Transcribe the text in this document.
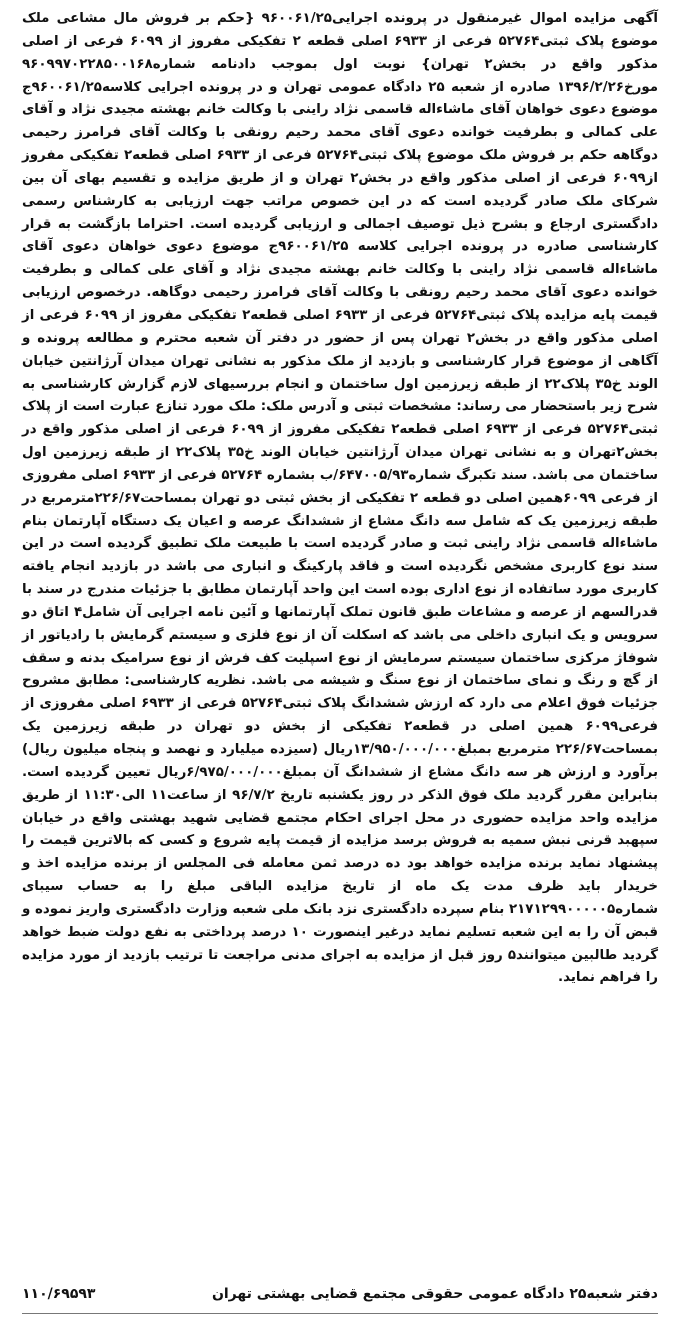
آگهی مزایده اموال غیرمنقول در پرونده اجرایی۹۶۰۰۶۱/۲۵ {حکم بر فروش مال مشاعی ملک موضوع پلاک ثبتی۵۲۷۶۴ فرعی از ۶۹۳۳ اصلی قطعه ۲ تفکیکی مفروز از ۶۰۹۹ فرعی از اصلی مذکور واقع در بخش۲ تهران} نوبت اول بموجب دادنامه شماره۹۶۰۹۹۷۰۲۲۸۵۰۰۱۶۸ مورخ۱۳۹۶/۲/۲۶ صادره از شعبه ۲۵ دادگاه عمومی تهران و در پرونده اجرایی کلاسه۹۶۰۰۶۱/۲۵ج موضوع دعوی خواهان آقای ماشاءاله قاسمی نژاد راینی با وکالت خانم بهشته مجیدی نژاد و آقای علی کمالی و بطرفیت خوانده دعوی آقای محمد رحیم رونقی با وکالت آقای فرامرز رحیمی دوگاهه حکم بر فروش ملک موضوع پلاک ثبتی۵۲۷۶۴ فرعی از ۶۹۳۳ اصلی قطعه۲ تفکیکی مفروز از۶۰۹۹ فرعی از اصلی مذکور واقع در بخش۲ تهران و از طریق مزایده و تقسیم بهای آن بین شرکای ملک صادر گردیده است که در این خصوص مراتب جهت ارزیابی به کارشناس رسمی دادگستری ارجاع و بشرح ذیل توصیف اجمالی و ارزیابی گردیده است. احتراما بازگشت به قرار کارشناسی صادره در پرونده اجرایی کلاسه ۹۶۰۰۶۱/۲۵ج موضوع دعوی خواهان دعوی آقای ماشاءاله قاسمی نژاد راینی با وکالت خانم بهشته مجیدی نژاد و آقای علی کمالی و بطرفیت خوانده دعوی آقای محمد رحیم رونقی با وکالت آقای فرامرز رحیمی دوگاهه. درخصوص ارزیابی قیمت پایه مزایده پلاک ثبتی۵۲۷۶۴ فرعی از ۶۹۳۳ اصلی قطعه۲ تفکیکی مفروز از ۶۰۹۹ فرعی از اصلی مذکور واقع در بخش۲ تهران پس از حضور در دفتر آن شعبه محترم و مطالعه پرونده و آگاهی از موضوع قرار کارشناسی و بازدید از ملک مذکور به نشانی تهران میدان آرژانتین خیابان الوند خ۳۵ پلاک۲۲ از طبقه زیرزمین اول ساختمان و انجام بررسیهای لازم گزارش کارشناسی به شرح زیر باستحضار می رساند: مشخصات ثبتی و آدرس ملک: ملک مورد تنازع عبارت است از پلاک ثبتی۵۲۷۶۴ فرعی از ۶۹۳۳ اصلی قطعه۲ تفکیکی مفروز از ۶۰۹۹ فرعی از اصلی مذکور واقع در بخش۲تهران و به نشانی تهران میدان آرژانتین خیابان الوند خ۳۵ پلاک۲۲ از طبقه زیرزمین اول ساختمان می باشد. سند تکبرگ شماره۶۴۷۰۰۵/۹۳/ب بشماره ۵۲۷۶۴ فرعی از ۶۹۳۳ اصلی مفروزی از فرعی ۶۰۹۹همین اصلی دو قطعه ۲ تفکیکی از بخش ثبتی دو تهران بمساحت۲۲۶/۶۷مترمربع در طبقه زیرزمین یک که شامل سه دانگ مشاع از ششدانگ عرصه و اعیان یک دستگاه آپارتمان بنام ماشاءاله قاسمی نژاد راینی ثبت و صادر گردیده است با طبیعت ملک تطبیق گردیده است در این سند نوع کاربری مشخص نگردیده است و فاقد پارکینگ و انباری می باشد در بازدید انجام یافته کاربری مورد ساتفاده از نوع اداری بوده است این واحد آپارتمان مطابق با جزئیات مندرج در سند با قدرالسهم از عرصه و مشاعات طبق قانون تملک آپارتمانها و آئین نامه اجرایی آن شامل۴ اتاق دو سرویس و یک انباری داخلی می باشد که اسکلت آن از نوع فلزی و سیستم گرمایش با رادیاتور از شوفاژ مرکزی ساختمان سیستم سرمایش از نوع اسپلیت کف فرش از نوع سرامیک بدنه و سقف از گچ و رنگ و نمای ساختمان از نوع سنگ و شیشه می باشد. نظریه کارشناسی: مطابق مشروح جزئیات فوق اعلام می دارد که ارزش ششدانگ پلاک ثبتی۵۲۷۶۴ فرعی از ۶۹۳۳ اصلی مفروزی از فرعی۶۰۹۹ همین اصلی در قطعه۲ تفکیکی از بخش دو تهران در طبقه زیرزمین یک بمساحت۲۲۶/۶۷ مترمربع بمبلغ۱۳/۹۵۰/۰۰۰/۰۰۰ریال (سیزده میلیارد و نهصد و پنجاه میلیون ریال) برآورد و ارزش هر سه دانگ مشاع از ششدانگ آن بمبلغ۶/۹۷۵/۰۰۰/۰۰۰ریال تعیین گردیده است. بنابراین مقرر گردید ملک فوق الذکر در روز یکشنبه تاریخ ۹۶/۷/۲ از ساعت۱۱ الی۱۱:۳۰ از طریق مزایده واحد مزایده حضوری در محل اجرای احکام مجتمع قضایی شهید بهشتی واقع در خیابان سپهبد قرنی نبش سمیه به فروش برسد مزایده از قیمت پایه شروع و کسی که بالاترین قیمت را پیشنهاد نماید برنده مزایده خواهد بود ده درصد ثمن معامله فی المجلس از برنده مزایده اخذ و خریدار باید ظرف مدت یک ماه از تاریخ مزایده الباقی مبلغ را به حساب سیبای شماره۲۱۷۱۲۹۹۰۰۰۰۰۵ بنام سپرده دادگستری نزد بانک ملی شعبه وزارت دادگستری واریز نموده و قبض آن را به این شعبه تسلیم نماید درغیر اینصورت ۱۰ درصد پرداختی به نفع دولت ضبط خواهد گردید طالبین میتوانند۵ روز قبل از مزایده به اجرای مدنی مراجعت تا ترتیب بازدید از مورد مزایده را فراهم نماید.

۱۱۰/۶۹۵۹۳	دفتر شعبه۲۵ دادگاه عمومی حقوقی مجتمع قضایی بهشتی تهران
